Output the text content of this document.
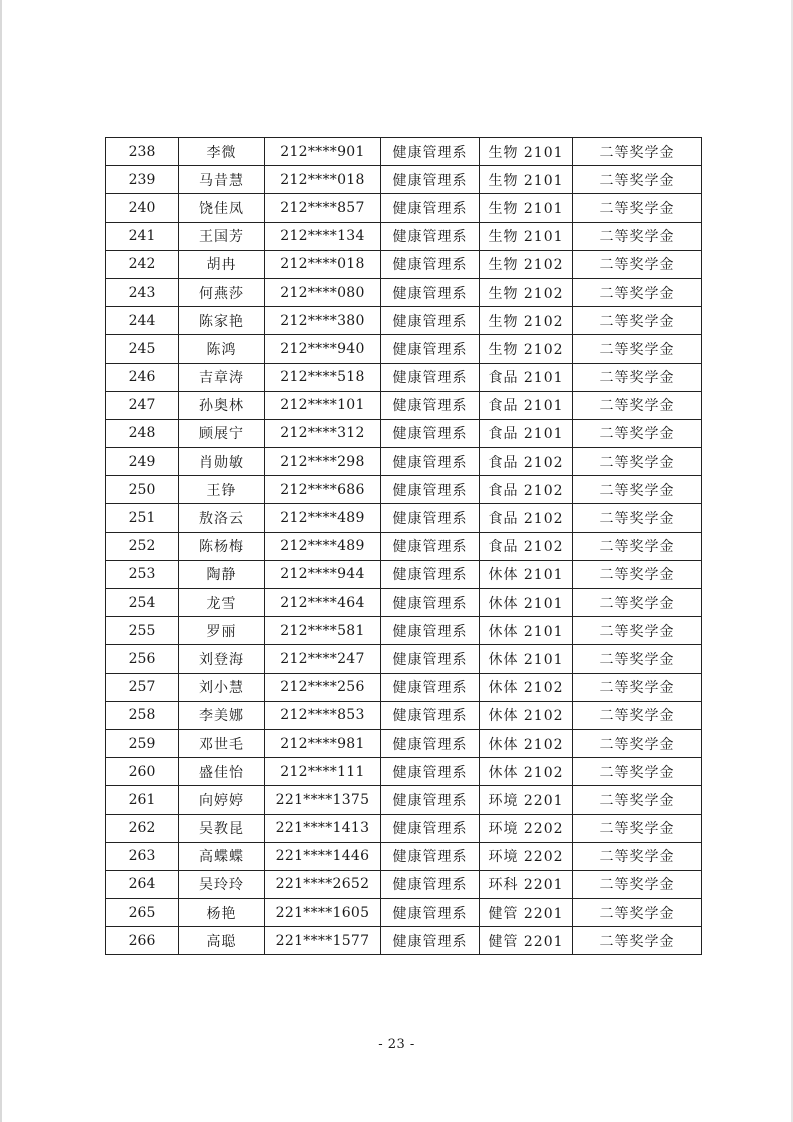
238	李微	212****901	健康管理系	生物 2101	二等奖学金
239	马昔慧	212****018	健康管理系	生物 2101	二等奖学金
240	饶佳凤	212****857	健康管理系	生物 2101	二等奖学金
241	王国芳	212****134	健康管理系	生物 2101	二等奖学金
242	胡冉	212****018	健康管理系	生物 2102	二等奖学金
243	何燕莎	212****080	健康管理系	生物 2102	二等奖学金
244	陈家艳	212****380	健康管理系	生物 2102	二等奖学金
245	陈鸿	212****940	健康管理系	生物 2102	二等奖学金
246	吉章涛	212****518	健康管理系	食品 2101	二等奖学金
247	孙奥林	212****101	健康管理系	食品 2101	二等奖学金
248	顾展宁	212****312	健康管理系	食品 2101	二等奖学金
249	肖勋敏	212****298	健康管理系	食品 2102	二等奖学金
250	王铮	212****686	健康管理系	食品 2102	二等奖学金
251	敖洛云	212****489	健康管理系	食品 2102	二等奖学金
252	陈杨梅	212****489	健康管理系	食品 2102	二等奖学金
253	陶静	212****944	健康管理系	休体 2101	二等奖学金
254	龙雪	212****464	健康管理系	休体 2101	二等奖学金
255	罗丽	212****581	健康管理系	休体 2101	二等奖学金
256	刘登海	212****247	健康管理系	休体 2101	二等奖学金
257	刘小慧	212****256	健康管理系	休体 2102	二等奖学金
258	李美娜	212****853	健康管理系	休体 2102	二等奖学金
259	邓世毛	212****981	健康管理系	休体 2102	二等奖学金
260	盛佳怡	212****111	健康管理系	休体 2102	二等奖学金
261	向婷婷	221****1375	健康管理系	环境 2201	二等奖学金
262	吴教昆	221****1413	健康管理系	环境 2202	二等奖学金
263	高蝶蝶	221****1446	健康管理系	环境 2202	二等奖学金
264	吴玲玲	221****2652	健康管理系	环科 2201	二等奖学金
265	杨艳	221****1605	健康管理系	健管 2201	二等奖学金
266	高聪	221****1577	健康管理系	健管 2201	二等奖学金
- 23 -
